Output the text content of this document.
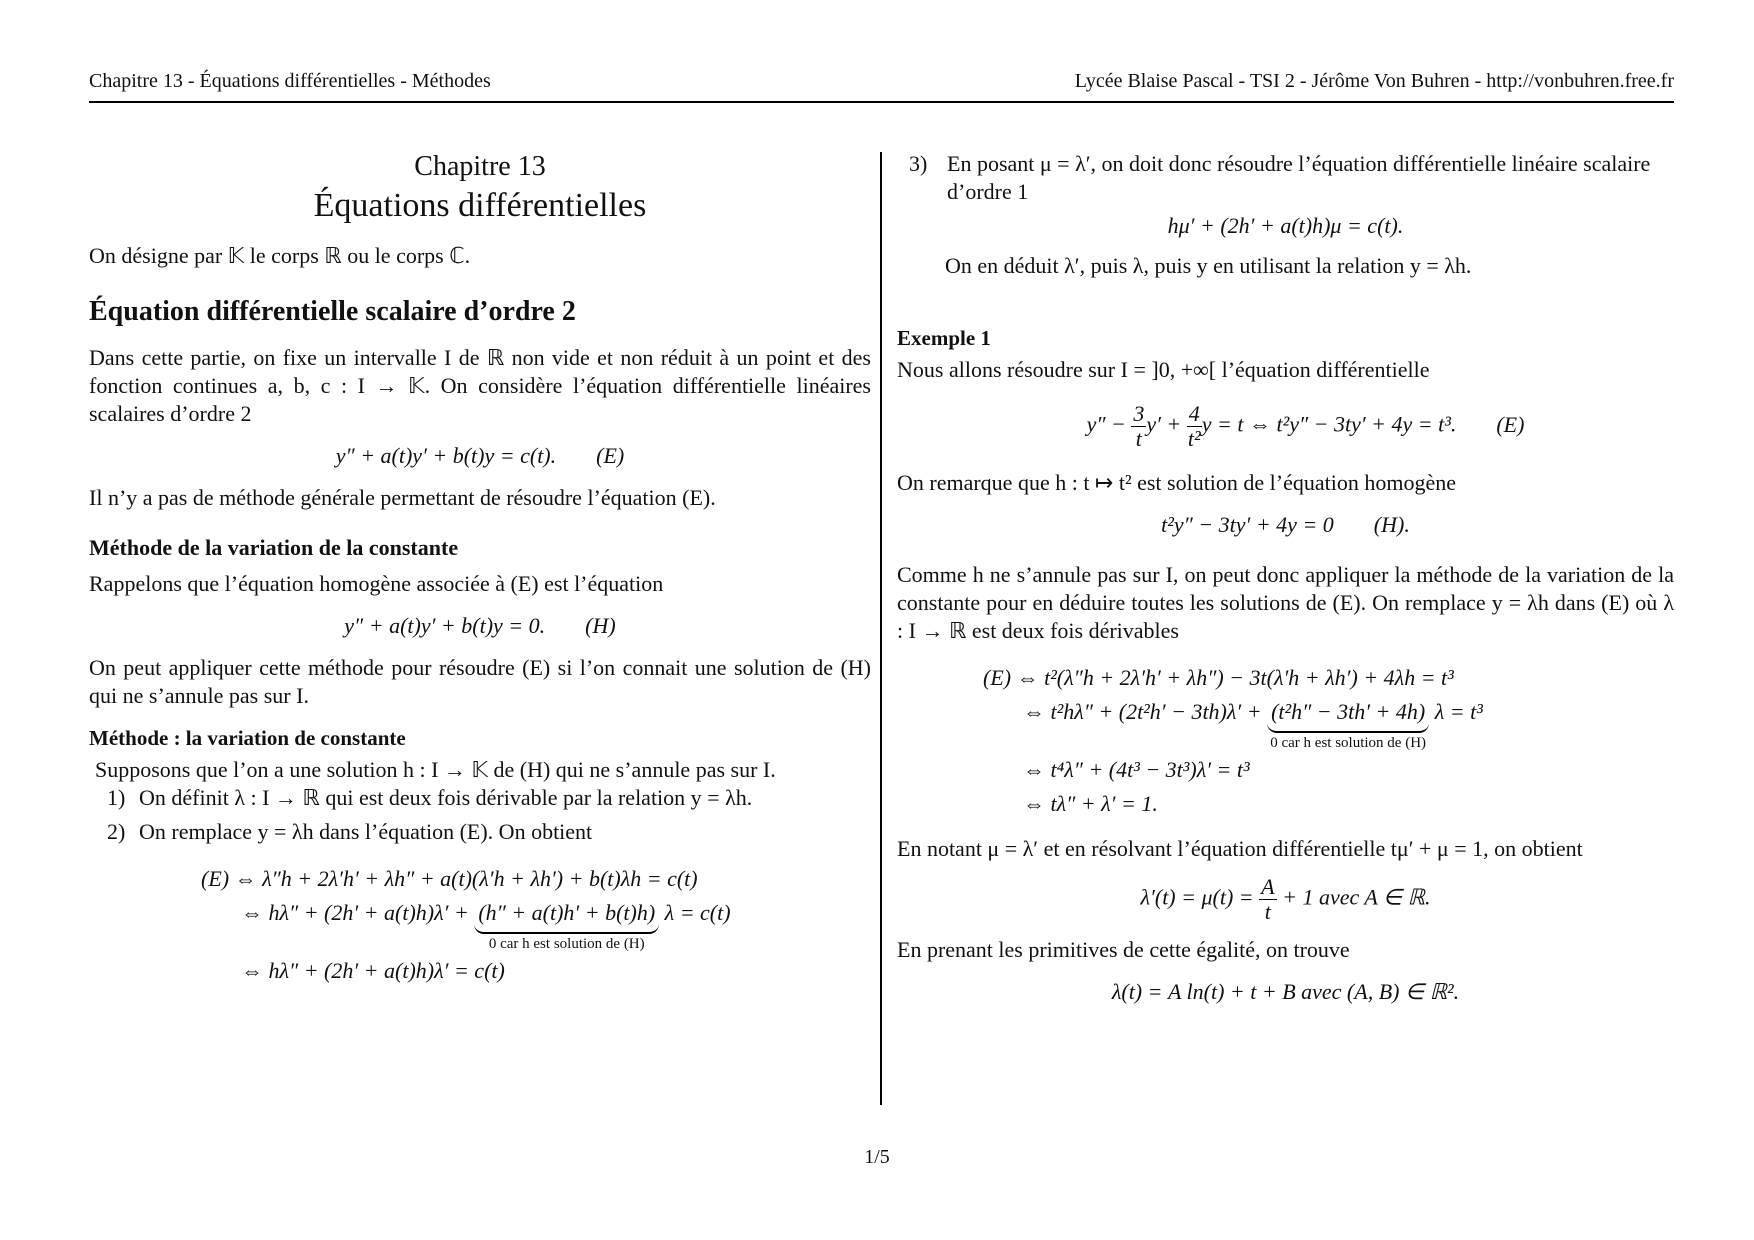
Chapitre 13 - Équations différentielles - Méthodes	Lycée Blaise Pascal - TSI 2 - Jérôme Von Buhren - http://vonbuhren.free.fr
Chapitre 13
Équations différentielles

On désigne par 𝕂 le corps ℝ ou le corps ℂ.

Équation différentielle scalaire d’ordre 2

Dans cette partie, on fixe un intervalle I de ℝ non vide et non réduit à un point et des fonction continues a, b, c : I → 𝕂. On considère l’équation différentielle linéaires scalaires d’ordre 2

y″ + a(t)y′ + b(t)y = c(t). (E)

Il n’y a pas de méthode générale permettant de résoudre l’équation (E).

Méthode de la variation de la constante

Rappelons que l’équation homogène associée à (E) est l’équation

y″ + a(t)y′ + b(t)y = 0. (H)

On peut appliquer cette méthode pour résoudre (E) si l’on connait une solution de (H) qui ne s’annule pas sur I.

Méthode : la variation de constante
Supposons que l’on a une solution h : I → 𝕂 de (H) qui ne s’annule pas sur I.
1) On définit λ : I → ℝ qui est deux fois dérivable par la relation y = λh.
2) On remplace y = λh dans l’équation (E). On obtient
(E) ⇔ λ″h + 2λ′h′ + λh″ + a(t)(λ′h + λh′) + b(t)λh = c(t)
⇔ hλ″ + (2h′ + a(t)h)λ′ + (h″ + a(t)h′ + b(t)h)
0 car h est solution de (H)
λ = c(t)
⇔ hλ″ + (2h′ + a(t)h)λ′ = c(t)
3) En posant μ = λ′, on doit donc résoudre l’équation différentielle linéaire scalaire d’ordre 1
hμ′ + (2h′ + a(t)h)μ = c(t).

On en déduit λ′, puis λ, puis y en utilisant la relation y = λh.

Exemple 1

Nous allons résoudre sur I = ]0, +∞[ l’équation différentielle

$y'' - \frac{3}{t} y' + \frac{4}{\text{t²}}$ y = t ⇔ t²y″ − 3ty′ + 4y = t³. (E)

On remarque que h : t ↦ t² est solution de l’équation homogène

t²y″ − 3ty′ + 4y = 0 (H).

Comme h ne s’annule pas sur I, on peut donc appliquer la méthode de la variation de la constante pour en déduire toutes les solutions de (E). On remplace y = λh dans (E) où λ : I → ℝ est deux fois dérivables

(E) ⇔ t²(λ″h + 2λ′h′ + λh″) − 3t(λ′h + λh′) + 4λh = t³
⇔ t²hλ″ + (2t²h′ − 3th)λ′ + (t²h″ − 3th′ + 4h)
0 car h est solution de (H)
λ = t³
⇔ t⁴λ″ + (4t³ − 3t³)λ′ = t³
⇔ tλ″ + λ′ = 1.

En notant μ = λ′ et en résolvant l’équation différentielle tμ′ + μ = 1, on obtient

$\lambda'(t) = \mu(t) = \frac{A}{t} + 1$ avec A ∈ ℝ.

En prenant les primitives de cette égalité, on trouve

λ(t) = A ln(t) + t + B avec (A, B) ∈ ℝ².
1/5
